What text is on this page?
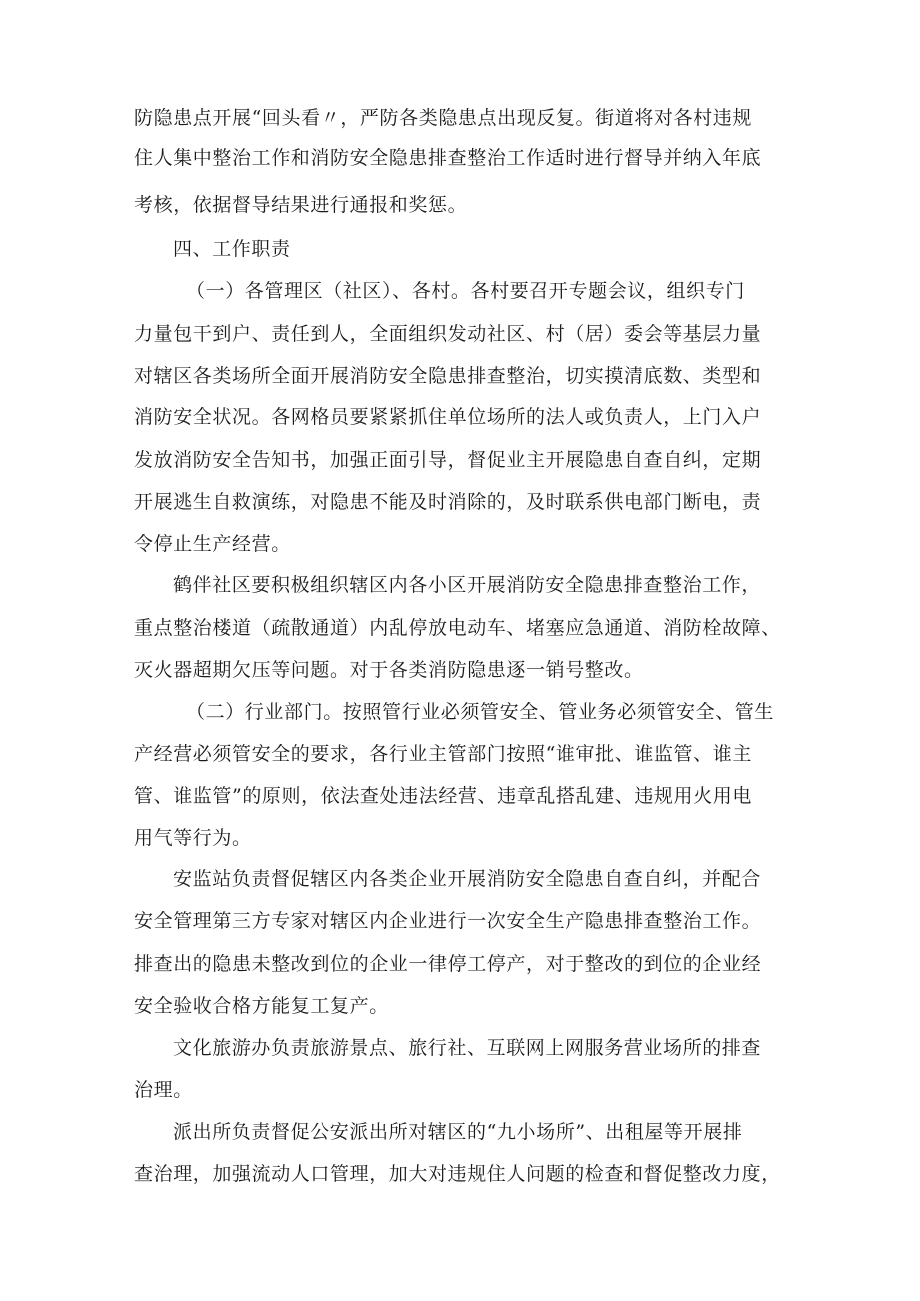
防隐患点开展“回头看〃，严防各类隐患点出现反复。街道将对各村违规
住人集中整治工作和消防安全隐患排查整治工作适时进行督导并纳入年底
考核，依据督导结果进行通报和奖惩。
四、工作职责
（一）各管理区（社区）、各村。各村要召开专题会议，组织专门
力量包干到户、责任到人，全面组织发动社区、村（居）委会等基层力量
对辖区各类场所全面开展消防安全隐患排查整治，切实摸清底数、类型和
消防安全状况。各网格员要紧紧抓住单位场所的法人或负责人，上门入户
发放消防安全告知书，加强正面引导，督促业主开展隐患自查自纠，定期
开展逃生自救演练，对隐患不能及时消除的，及时联系供电部门断电，责
令停止生产经营。
鹤伴社区要积极组织辖区内各小区开展消防安全隐患排查整治工作，
重点整治楼道（疏散通道）内乱停放电动车、堵塞应急通道、消防栓故障、
灭火器超期欠压等问题。对于各类消防隐患逐一销号整改。
（二）行业部门。按照管行业必须管安全、管业务必须管安全、管生
产经营必须管安全的要求，各行业主管部门按照“谁审批、谁监管、谁主
管、谁监管”的原则，依法查处违法经营、违章乱搭乱建、违规用火用电
用气等行为。
安监站负责督促辖区内各类企业开展消防安全隐患自查自纠，并配合
安全管理第三方专家对辖区内企业进行一次安全生产隐患排查整治工作。
排查出的隐患未整改到位的企业一律停工停产，对于整改的到位的企业经
安全验收合格方能复工复产。
文化旅游办负责旅游景点、旅行社、互联网上网服务营业场所的排查
治理。
派出所负责督促公安派出所对辖区的“九小场所”、出租屋等开展排
查治理，加强流动人口管理，加大对违规住人问题的检查和督促整改力度，
